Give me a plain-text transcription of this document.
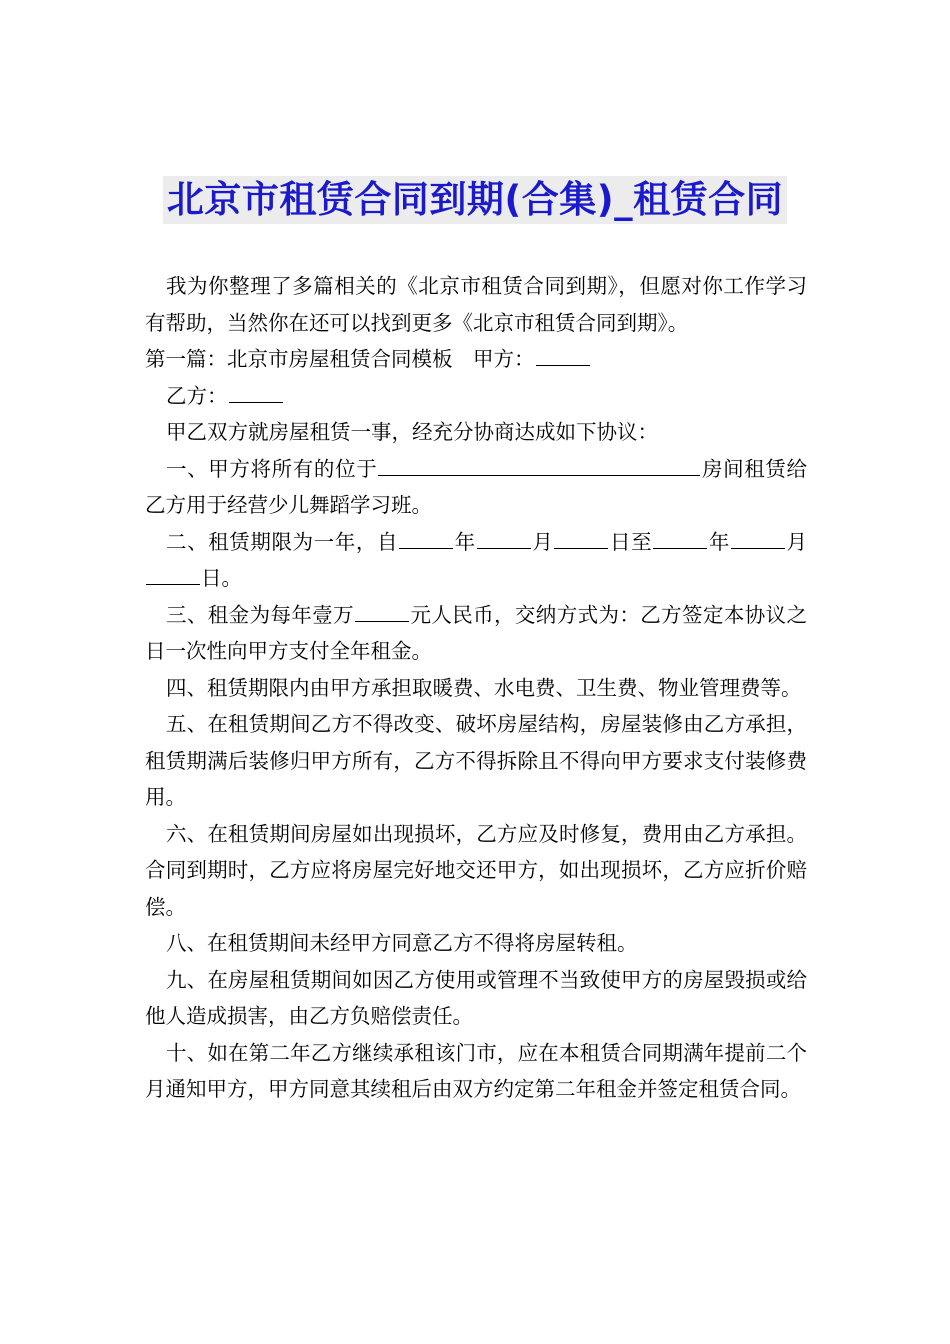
北京市租赁合同到期(合集)_租赁合同

我为你整理了多篇相关的《北京市租赁合同到期》，但愿对你工作学习有帮助，当然你在还可以找到更多《北京市租赁合同到期》。

第一篇：北京市房屋租赁合同模板　甲方：

乙方：

甲乙双方就房屋租赁一事，经充分协商达成如下协议：

一、甲方将所有的位于	房间租赁给乙方用于经营少儿舞蹈学习班。

二、租赁期限为一年，自	年	月	日至	年	月日。

三、租金为每年壹万	元人民币，交纳方式为：乙方签定本协议之日一次性向甲方支付全年租金。

四、租赁期限内由甲方承担取暖费、水电费、卫生费、物业管理费等。

五、在租赁期间乙方不得改变、破坏房屋结构，房屋装修由乙方承担，租赁期满后装修归甲方所有，乙方不得拆除且不得向甲方要求支付装修费用。

六、在租赁期间房屋如出现损坏，乙方应及时修复，费用由乙方承担。合同到期时，乙方应将房屋完好地交还甲方，如出现损坏，乙方应折价赔偿。

八、在租赁期间未经甲方同意乙方不得将房屋转租。

九、在房屋租赁期间如因乙方使用或管理不当致使甲方的房屋毁损或给他人造成损害，由乙方负赔偿责任。

十、如在第二年乙方继续承租该门市，应在本租赁合同期满年提前二个月通知甲方，甲方同意其续租后由双方约定第二年租金并签定租赁合同。
